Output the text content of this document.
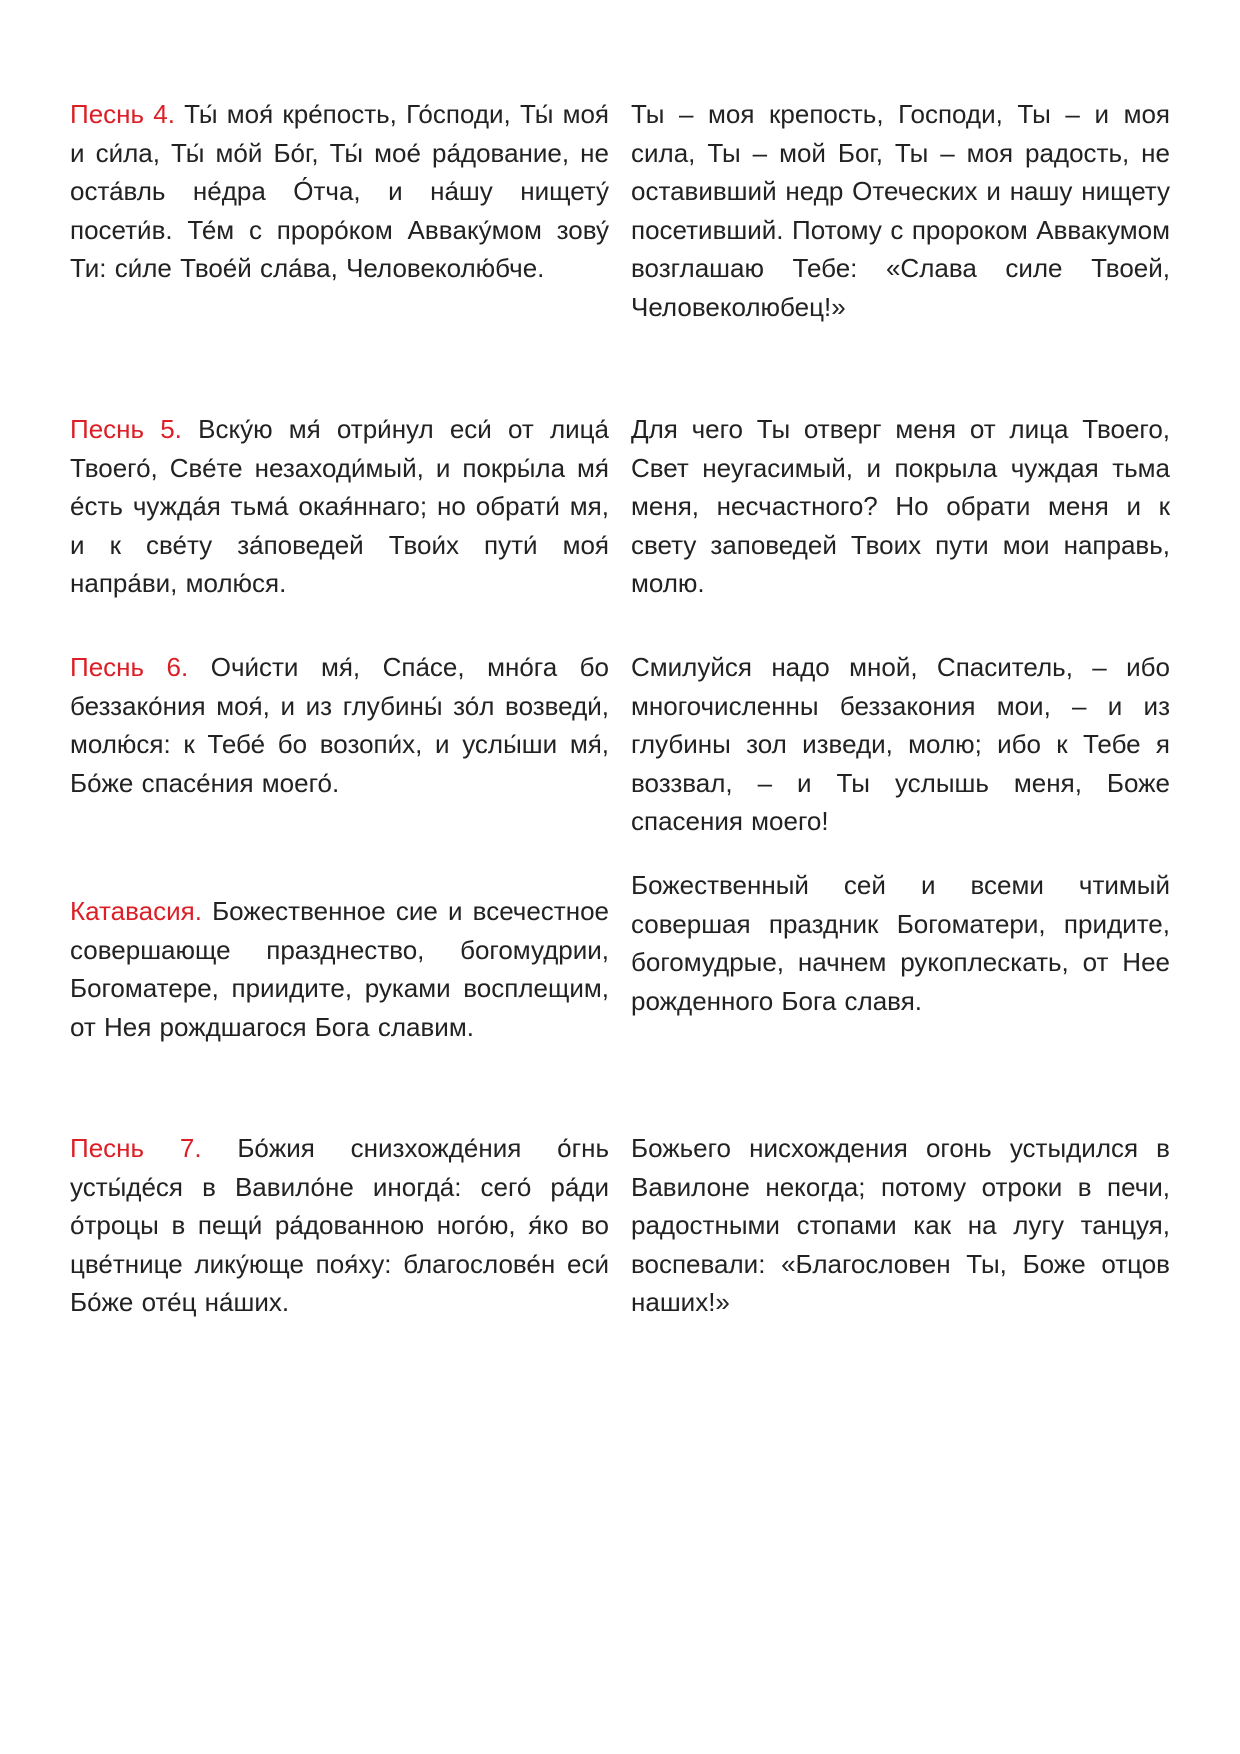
Песнь 4. Ты́ моя́ кре́пость, Го́споди, Ты́ моя́ и си́ла, Ты́ мо́й Бо́г, Ты́ мое́ ра́дование, не оста́вль не́дра О́тча, и на́шу нищету́ посети́в. Те́м с проро́ком Аввaку́мом зову́ Ти: си́ле Твое́й сла́ва, Человеколю́бче.
Ты – моя крепость, Господи, Ты – и моя сила, Ты – мой Бог, Ты – моя радость, не оставивший недр Отеческих и нашу нищету посетивший. Потому с пророком Аввакумом возглашаю Тебе: «Слава силе Твоей, Человеколюбец!»
Песнь 5. Вску́ю мя́ отри́нул еси́ от лица́ Твоего́, Све́те незаходи́мый, и покры́ла мя́ е́сть чужда́я тьма́ окая́ннаго; но обрати́ мя, и к све́ту за́поведей Твои́х пути́ моя́ напра́ви, молю́ся.
Для чего Ты отверг меня от лица Твоего, Свет неугасимый, и покрыла чуждая тьма меня, несчастного? Но обрати меня и к свету заповедей Твоих пути мои направь, молю.
Песнь 6. Очи́сти мя́, Спа́се, мно́га бо беззако́ния моя́, и из глубины́ зо́л возведи́, молю́ся: к Тебе́ бо возопи́х, и услы́ши мя́, Бо́же спасе́ния моего́.
Смилуйся надо мной, Спаситель, – ибо многочисленны беззакония мои, – и из глубины зол изведи, молю; ибо к Тебе я воззвал, – и Ты услышь меня, Боже спасения моего!
Катавасия. Божественное сие и всечестное совершающе празднество, богомудрии, Богоматере, приидите, руками восплещим, от Нея рождшагося Бога славим.
Божественный сей и всеми чтимый совершая праздник Богоматери, придите, богомудрые, начнем рукоплескать, от Нее рожденного Бога славя.
Песнь 7. Бо́жия снизхожде́ния о́гнь усты́де́ся в Вавило́не иногда́: сего́ ра́ди о́троцы в пещи́ ра́дованною ного́ю, я́ко во цве́тнице лику́юще поя́ху: благослове́н еси́ Бо́же оте́ц на́ших.
Божьего нисхождения огонь устыдился в Вавилоне некогда; потому отроки в печи, радостными стопами как на лугу танцуя, воспевали: «Благословен Ты, Боже отцов наших!»
